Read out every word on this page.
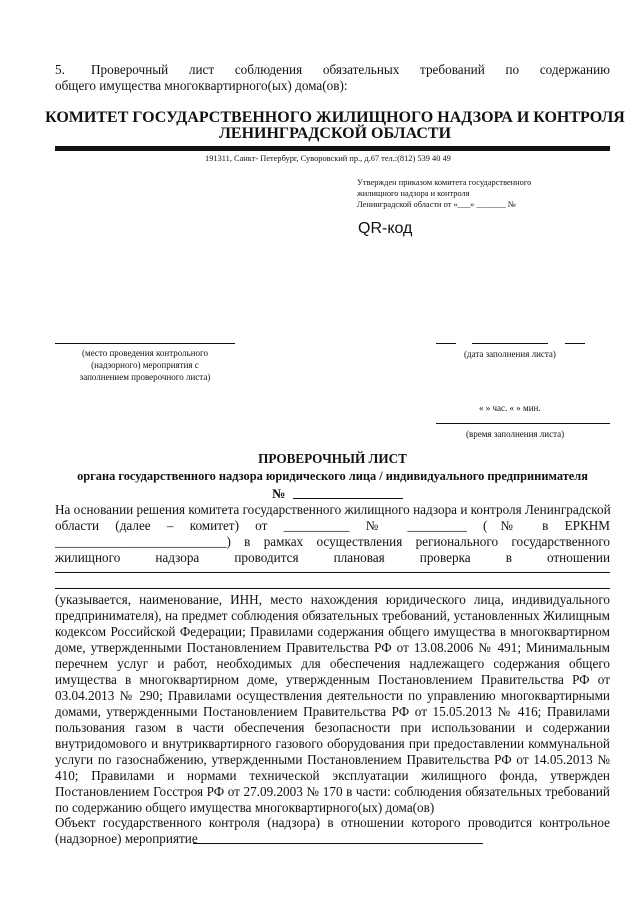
5. Проверочный лист соблюдения обязательных требований по содержанию
общего имущества многоквартирного(ых) дома(ов):
КОМИТЕТ ГОСУДАРСТВЕННОГО ЖИЛИЩНОГО НАДЗОРА И КОНТРОЛЯ
ЛЕНИНГРАДСКОЙ ОБЛАСТИ
191311, Санкт- Петербург, Суворовский пр., д.67 тел.:(812) 539 40 49
Утвержден приказом комитета государственного
жилищного надзора и контроля
Ленинградской области от «___» _______ №
QR-код
(место проведения контрольного
(надзорного) мероприятия с
заполнением проверочного листа)
(дата заполнения листа)
« » час. « » мин.
(время заполнения листа)
ПРОВЕРОЧНЫЙ ЛИСТ
органа государственного надзора юридического лица / индивидуального предпринимателя
№
На основании решения комитета государственного жилищного надзора и контроля Ленинградской
области (далее – комитет) от __________ № _________ (№ в ЕРКНМ
__________________________) в рамках осуществления регионального государственного
жилищного надзора проводится плановая проверка в отношении
(указывается, наименование, ИНН, место нахождения юридического лица, индивидуального предпринимателя), на предмет соблюдения обязательных требований, установленных Жилищным кодексом Российской Федерации; Правилами содержания общего имущества в многоквартирном доме, утвержденными Постановлением Правительства РФ от 13.08.2006 № 491; Минимальным перечнем услуг и работ, необходимых для обеспечения надлежащего содержания общего имущества в многоквартирном доме, утвержденным Постановлением Правительства РФ от 03.04.2013 № 290; Правилами осуществления деятельности по управлению многоквартирными домами, утвержденными Постановлением Правительства РФ от 15.05.2013 № 416; Правилами пользования газом в части обеспечения безопасности при использовании и содержании внутридомового и внутриквартирного газового оборудования при предоставлении коммунальной услуги по газоснабжению, утвержденными Постановлением Правительства РФ от 14.05.2013 № 410; Правилами и нормами технической эксплуатации жилищного фонда, утвержден Постановлением Госстроя РФ от 27.09.2003 № 170 в части: соблюдения обязательных требований по содержанию общего имущества многоквартирного(ых) дома(ов)
Объект государственного контроля (надзора) в отношении которого проводится контрольное
(надзорное) мероприятие
